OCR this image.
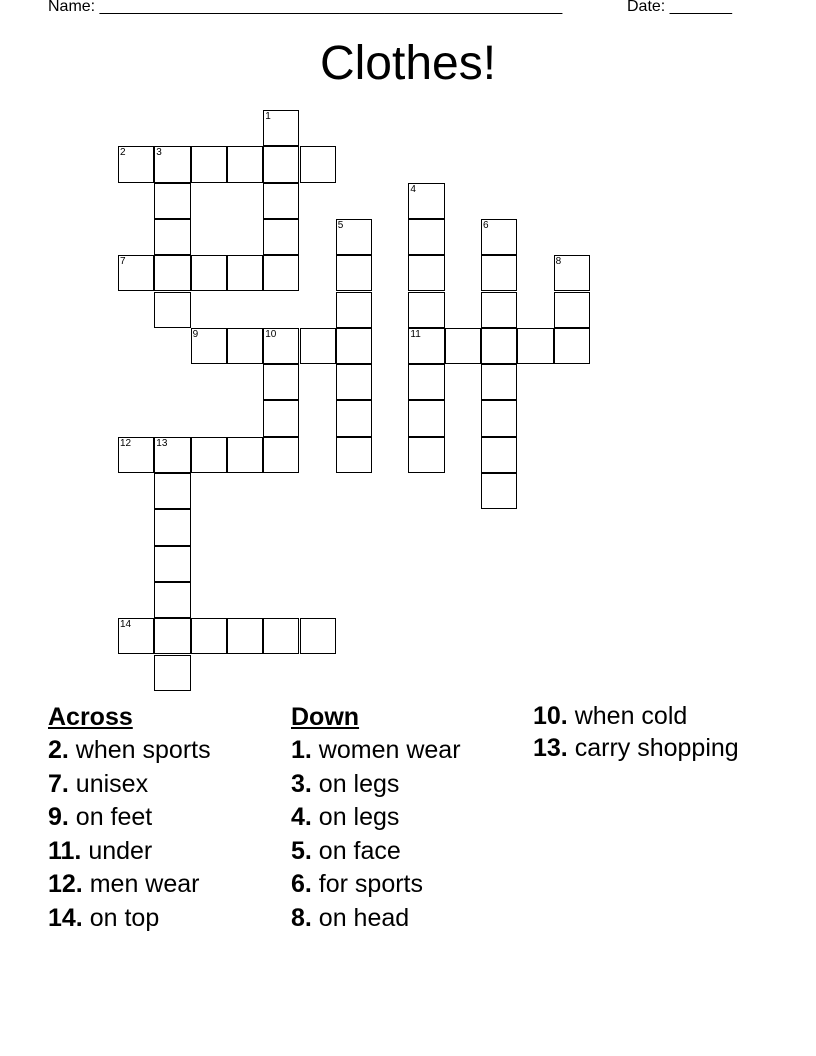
Name: ____________________________________________________	Date: _______
Clothes!
1
2	3
4
5	6
7	8
9	10	11
12	13
14
Across
2. when sports
7. unisex
9. on feet
11. under
12. men wear
14. on top
Down
1. women wear
3. on legs
4. on legs
5. on face
6. for sports
8. on head
10. when cold
13. carry shopping
